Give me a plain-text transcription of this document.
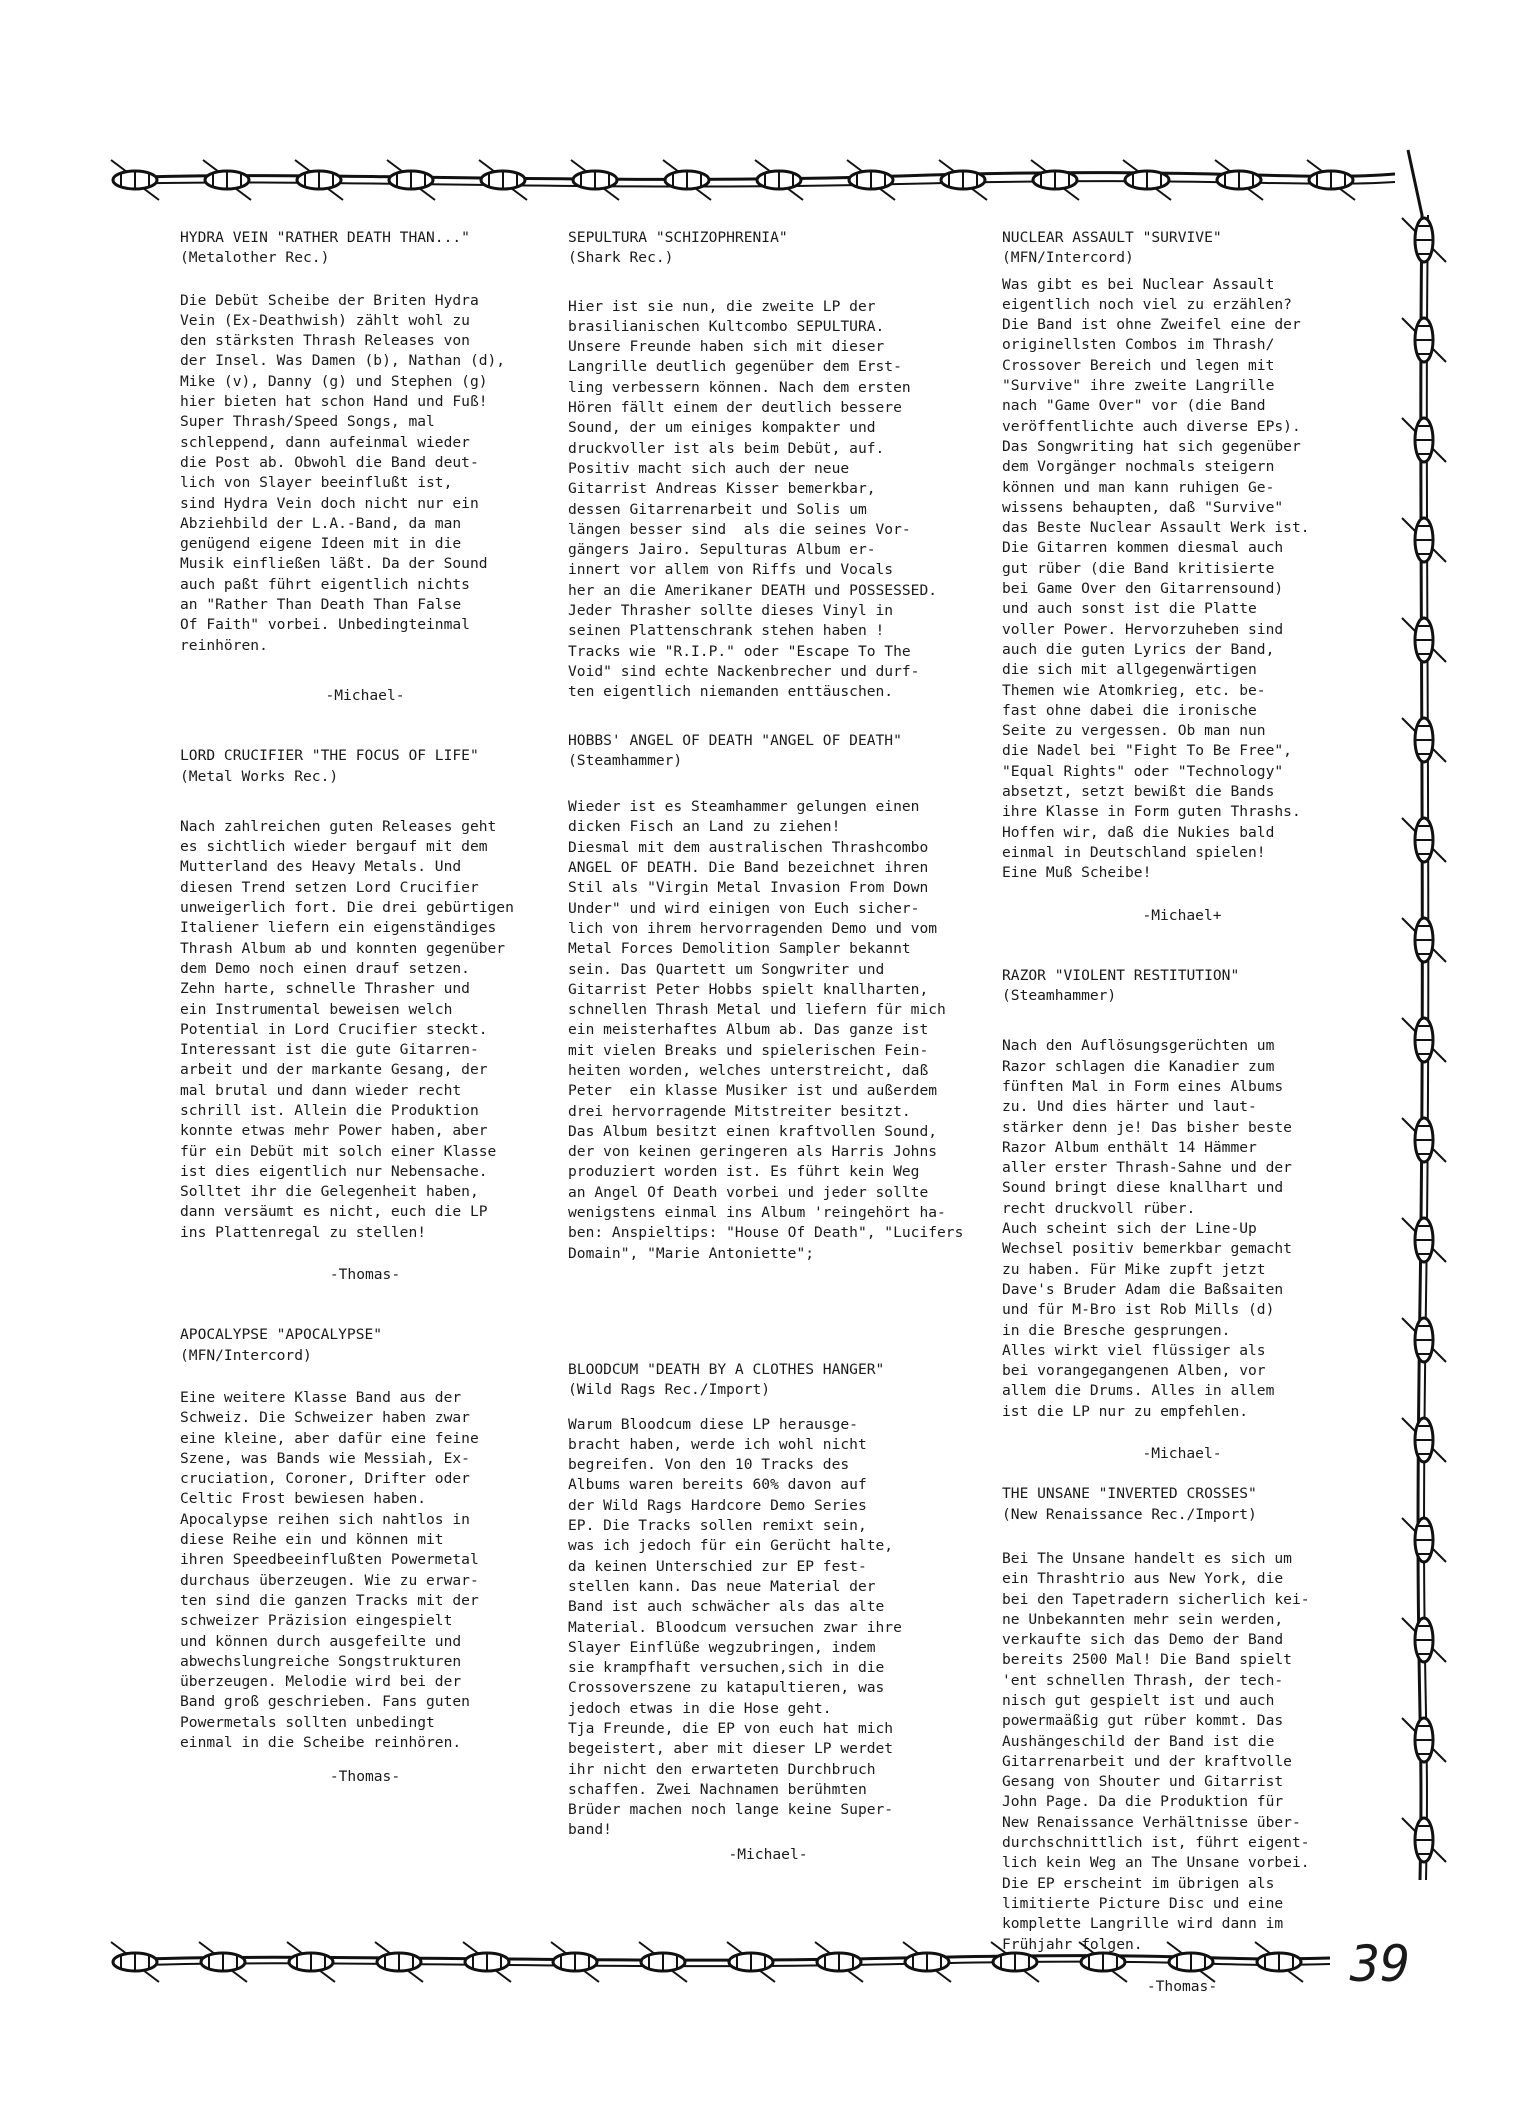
HYDRA VEIN "RATHER DEATH THAN..."
(Metalother Rec.)
Die Debüt Scheibe der Briten Hydra
Vein (Ex-Deathwish) zählt wohl zu
den stärksten Thrash Releases von
der Insel. Was Damen (b), Nathan (d),
Mike (v), Danny (g) und Stephen (g)
hier bieten hat schon Hand und Fuß!
Super Thrash/Speed Songs, mal
schleppend, dann aufeinmal wieder
die Post ab. Obwohl die Band deut-
lich von Slayer beeinflußt ist,
sind Hydra Vein doch nicht nur ein
Abziehbild der L.A.-Band, da man
genügend eigene Ideen mit in die
Musik einfließen läßt. Da der Sound
auch paßt führt eigentlich nichts
an "Rather Than Death Than False
Of Faith" vorbei. Unbedingteinmal
reinhören.
-Michael-
LORD CRUCIFIER "THE FOCUS OF LIFE"
(Metal Works Rec.)
Nach zahlreichen guten Releases geht
es sichtlich wieder bergauf mit dem
Mutterland des Heavy Metals. Und
diesen Trend setzen Lord Crucifier
unweigerlich fort. Die drei gebürtigen
Italiener liefern ein eigenständiges
Thrash Album ab und konnten gegenüber
dem Demo noch einen drauf setzen.
Zehn harte, schnelle Thrasher und
ein Instrumental beweisen welch
Potential in Lord Crucifier steckt.
Interessant ist die gute Gitarren-
arbeit und der markante Gesang, der
mal brutal und dann wieder recht
schrill ist. Allein die Produktion
konnte etwas mehr Power haben, aber
für ein Debüt mit solch einer Klasse
ist dies eigentlich nur Nebensache.
Solltet ihr die Gelegenheit haben,
dann versäumt es nicht, euch die LP
ins Plattenregal zu stellen!
-Thomas-
APOCALYPSE "APOCALYPSE"
(MFN/Intercord)
Eine weitere Klasse Band aus der
Schweiz. Die Schweizer haben zwar
eine kleine, aber dafür eine feine
Szene, was Bands wie Messiah, Ex-
cruciation, Coroner, Drifter oder
Celtic Frost bewiesen haben.
Apocalypse reihen sich nahtlos in
diese Reihe ein und können mit
ihren Speedbeeinflußten Powermetal
durchaus überzeugen. Wie zu erwar-
ten sind die ganzen Tracks mit der
schweizer Präzision eingespielt
und können durch ausgefeilte und
abwechslungreiche Songstrukturen
überzeugen. Melodie wird bei der
Band groß geschrieben. Fans guten
Powermetals sollten unbedingt
einmal in die Scheibe reinhören.
-Thomas-
SEPULTURA "SCHIZOPHRENIA"
(Shark Rec.)
Hier ist sie nun, die zweite LP der
brasilianischen Kultcombo SEPULTURA.
Unsere Freunde haben sich mit dieser
Langrille deutlich gegenüber dem Erst-
ling verbessern können. Nach dem ersten
Hören fällt einem der deutlich bessere
Sound, der um einiges kompakter und
druckvoller ist als beim Debüt, auf.
Positiv macht sich auch der neue
Gitarrist Andreas Kisser bemerkbar,
dessen Gitarrenarbeit und Solis um
längen besser sind  als die seines Vor-
gängers Jairo. Sepulturas Album er-
innert vor allem von Riffs und Vocals
her an die Amerikaner DEATH und POSSESSED.
Jeder Thrasher sollte dieses Vinyl in
seinen Plattenschrank stehen haben !
Tracks wie "R.I.P." oder "Escape To The
Void" sind echte Nackenbrecher und durf-
ten eigentlich niemanden enttäuschen.
HOBBS' ANGEL OF DEATH "ANGEL OF DEATH"
(Steamhammer)
Wieder ist es Steamhammer gelungen einen
dicken Fisch an Land zu ziehen!
Diesmal mit dem australischen Thrashcombo
ANGEL OF DEATH. Die Band bezeichnet ihren
Stil als "Virgin Metal Invasion From Down
Under" und wird einigen von Euch sicher-
lich von ihrem hervorragenden Demo und vom
Metal Forces Demolition Sampler bekannt
sein. Das Quartett um Songwriter und
Gitarrist Peter Hobbs spielt knallharten,
schnellen Thrash Metal und liefern für mich
ein meisterhaftes Album ab. Das ganze ist
mit vielen Breaks und spielerischen Fein-
heiten worden, welches unterstreicht, daß
Peter  ein klasse Musiker ist und außerdem
drei hervorragende Mitstreiter besitzt.
Das Album besitzt einen kraftvollen Sound,
der von keinen geringeren als Harris Johns
produziert worden ist. Es führt kein Weg
an Angel Of Death vorbei und jeder sollte
wenigstens einmal ins Album 'reingehört ha-
ben: Anspieltips: "House Of Death", "Lucifers
Domain", "Marie Antoniette";
BLOODCUM "DEATH BY A CLOTHES HANGER"
(Wild Rags Rec./Import)
Warum Bloodcum diese LP herausge-
bracht haben, werde ich wohl nicht
begreifen. Von den 10 Tracks des
Albums waren bereits 60% davon auf
der Wild Rags Hardcore Demo Series
EP. Die Tracks sollen remixt sein,
was ich jedoch für ein Gerücht halte,
da keinen Unterschied zur EP fest-
stellen kann. Das neue Material der
Band ist auch schwächer als das alte
Material. Bloodcum versuchen zwar ihre
Slayer Einflüße wegzubringen, indem
sie krampfhaft versuchen,sich in die
Crossoverszene zu katapultieren, was
jedoch etwas in die Hose geht.
Tja Freunde, die EP von euch hat mich
begeistert, aber mit dieser LP werdet
ihr nicht den erwarteten Durchbruch
schaffen. Zwei Nachnamen berühmten
Brüder machen noch lange keine Super-
band!
-Michael-
NUCLEAR ASSAULT "SURVIVE"
(MFN/Intercord)
Was gibt es bei Nuclear Assault
eigentlich noch viel zu erzählen?
Die Band ist ohne Zweifel eine der
originellsten Combos im Thrash/
Crossover Bereich und legen mit
"Survive" ihre zweite Langrille
nach "Game Over" vor (die Band
veröffentlichte auch diverse EPs).
Das Songwriting hat sich gegenüber
dem Vorgänger nochmals steigern
können und man kann ruhigen Ge-
wissens behaupten, daß "Survive"
das Beste Nuclear Assault Werk ist.
Die Gitarren kommen diesmal auch
gut rüber (die Band kritisierte
bei Game Over den Gitarrensound)
und auch sonst ist die Platte
voller Power. Hervorzuheben sind
auch die guten Lyrics der Band,
die sich mit allgegenwärtigen
Themen wie Atomkrieg, etc. be-
fast ohne dabei die ironische
Seite zu vergessen. Ob man nun
die Nadel bei "Fight To Be Free",
"Equal Rights" oder "Technology"
absetzt, setzt bewißt die Bands
ihre Klasse in Form guten Thrashs.
Hoffen wir, daß die Nukies bald
einmal in Deutschland spielen!
Eine Muß Scheibe!
-Michael+
RAZOR "VIOLENT RESTITUTION"
(Steamhammer)
Nach den Auflösungsgerüchten um
Razor schlagen die Kanadier zum
fünften Mal in Form eines Albums
zu. Und dies härter und laut-
stärker denn je! Das bisher beste
Razor Album enthält 14 Hämmer
aller erster Thrash-Sahne und der
Sound bringt diese knallhart und
recht druckvoll rüber.
Auch scheint sich der Line-Up
Wechsel positiv bemerkbar gemacht
zu haben. Für Mike zupft jetzt
Dave's Bruder Adam die Baßsaiten
und für M-Bro ist Rob Mills (d)
in die Bresche gesprungen.
Alles wirkt viel flüssiger als
bei vorangegangenen Alben, vor
allem die Drums. Alles in allem
ist die LP nur zu empfehlen.
-Michael-
THE UNSANE "INVERTED CROSSES"
(New Renaissance Rec./Import)
Bei The Unsane handelt es sich um
ein Thrashtrio aus New York, die
bei den Tapetradern sicherlich kei-
ne Unbekannten mehr sein werden,
verkaufte sich das Demo der Band
bereits 2500 Mal! Die Band spielt
'ent schnellen Thrash, der tech-
nisch gut gespielt ist und auch
powermaäßig gut rüber kommt. Das
Aushängeschild der Band ist die
Gitarrenarbeit und der kraftvolle
Gesang von Shouter und Gitarrist
John Page. Da die Produktion für
New Renaissance Verhältnisse über-
durchschnittlich ist, führt eigent-
lich kein Weg an The Unsane vorbei.
Die EP erscheint im übrigen als
limitierte Picture Disc und eine
komplette Langrille wird dann im
Frühjahr folgen.
-Thomas-	39
